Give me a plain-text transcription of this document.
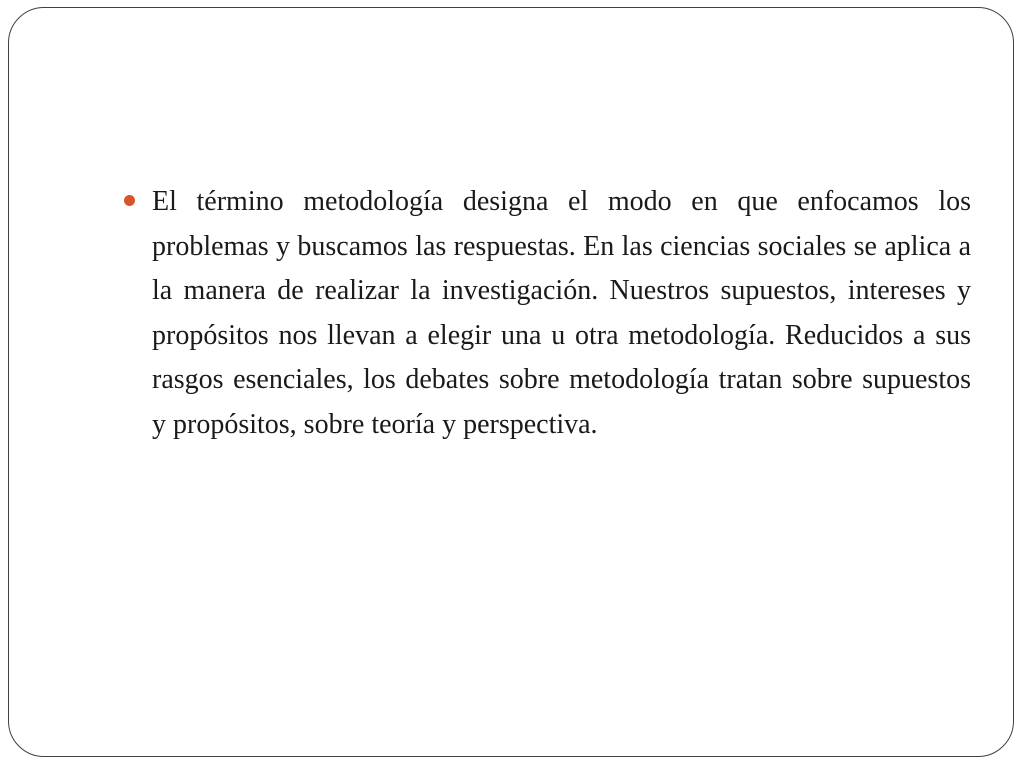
El término metodología designa el modo en que enfocamos los problemas y buscamos las respuestas. En las ciencias sociales se aplica a la manera de realizar la investigación. Nuestros supuestos, intereses y propósitos nos llevan a elegir una u otra metodología. Reducidos a sus rasgos esenciales, los debates sobre metodología tratan sobre supuestos y propósitos, sobre teoría y perspectiva.
